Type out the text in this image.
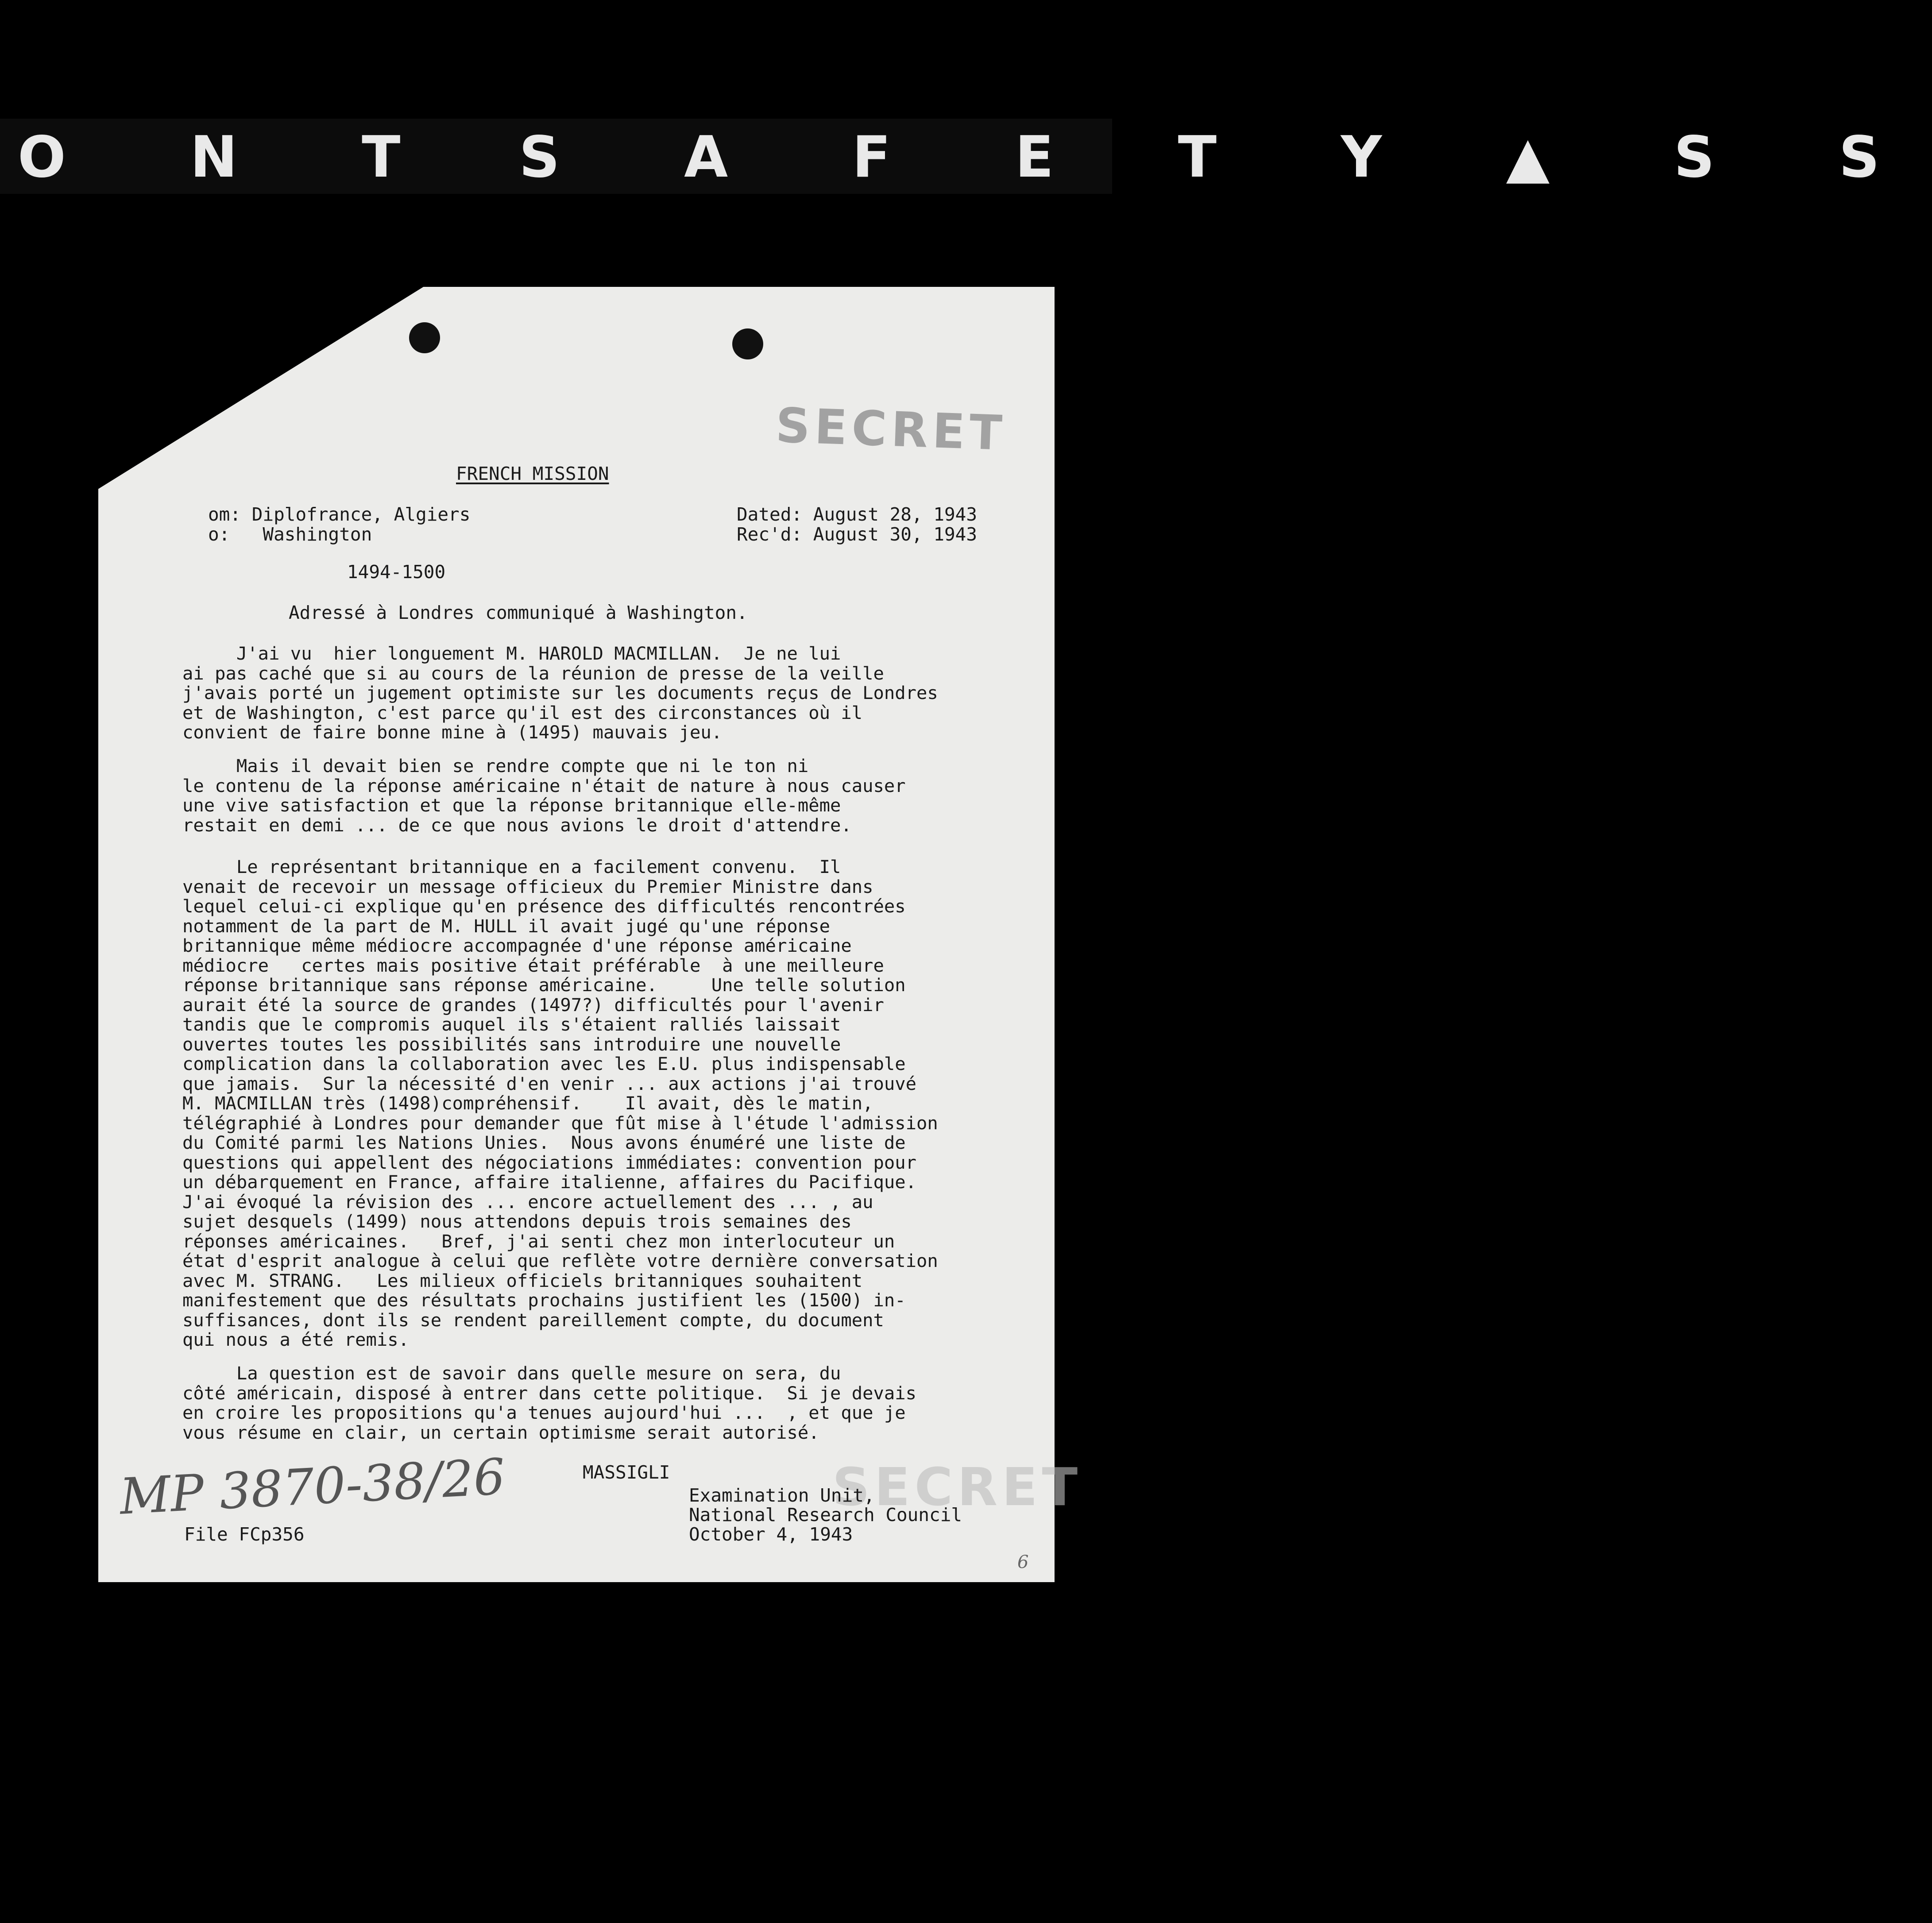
O N T S A F E T Y ▲ S S
SECRET
FRENCH MISSION
om: Diplofrance, Algiers
o:   Washington
Dated: August 28, 1943
Rec'd: August 30, 1943
1494-1500
Adressé à Londres communiqué à Washington.
J'ai vu  hier longuement M. HAROLD MACMILLAN.  Je ne lui
ai pas caché que si au cours de la réunion de presse de la veille
j'avais porté un jugement optimiste sur les documents reçus de Londres
et de Washington, c'est parce qu'il est des circonstances où il
convient de faire bonne mine à (1495) mauvais jeu.
Mais il devait bien se rendre compte que ni le ton ni
le contenu de la réponse américaine n'était de nature à nous causer
une vive satisfaction et que la réponse britannique elle-même
restait en demi ... de ce que nous avions le droit d'attendre.
Le représentant britannique en a facilement convenu.  Il
venait de recevoir un message officieux du Premier Ministre dans
lequel celui-ci explique qu'en présence des difficultés rencontrées
notamment de la part de M. HULL il avait jugé qu'une réponse
britannique même médiocre accompagnée d'une réponse américaine
médiocre   certes mais positive était préférable  à une meilleure
réponse britannique sans réponse américaine.     Une telle solution
aurait été la source de grandes (1497?) difficultés pour l'avenir
tandis que le compromis auquel ils s'étaient ralliés laissait
ouvertes toutes les possibilités sans introduire une nouvelle
complication dans la collaboration avec les E.U. plus indispensable
que jamais.  Sur la nécessité d'en venir ... aux actions j'ai trouvé
M. MACMILLAN très (1498)compréhensif.    Il avait, dès le matin,
télégraphié à Londres pour demander que fût mise à l'étude l'admission
du Comité parmi les Nations Unies.  Nous avons énuméré une liste de
questions qui appellent des négociations immédiates: convention pour
un débarquement en France, affaire italienne, affaires du Pacifique.
J'ai évoqué la révision des ... encore actuellement des ... , au
sujet desquels (1499) nous attendons depuis trois semaines des
réponses américaines.   Bref, j'ai senti chez mon interlocuteur un
état d'esprit analogue à celui que reflète votre dernière conversation
avec M. STRANG.   Les milieux officiels britanniques souhaitent
manifestement que des résultats prochains justifient les (1500) in-
suffisances, dont ils se rendent pareillement compte, du document
qui nous a été remis.
La question est de savoir dans quelle mesure on sera, du
côté américain, disposé à entrer dans cette politique.  Si je devais
en croire les propositions qu'a tenues aujourd'hui ...  , et que je
vous résume en clair, un certain optimisme serait autorisé.
SECRET
MASSIGLI
Examination Unit,
National Research Council
October 4, 1943
File FCp356
MP 3870-38/26
6
